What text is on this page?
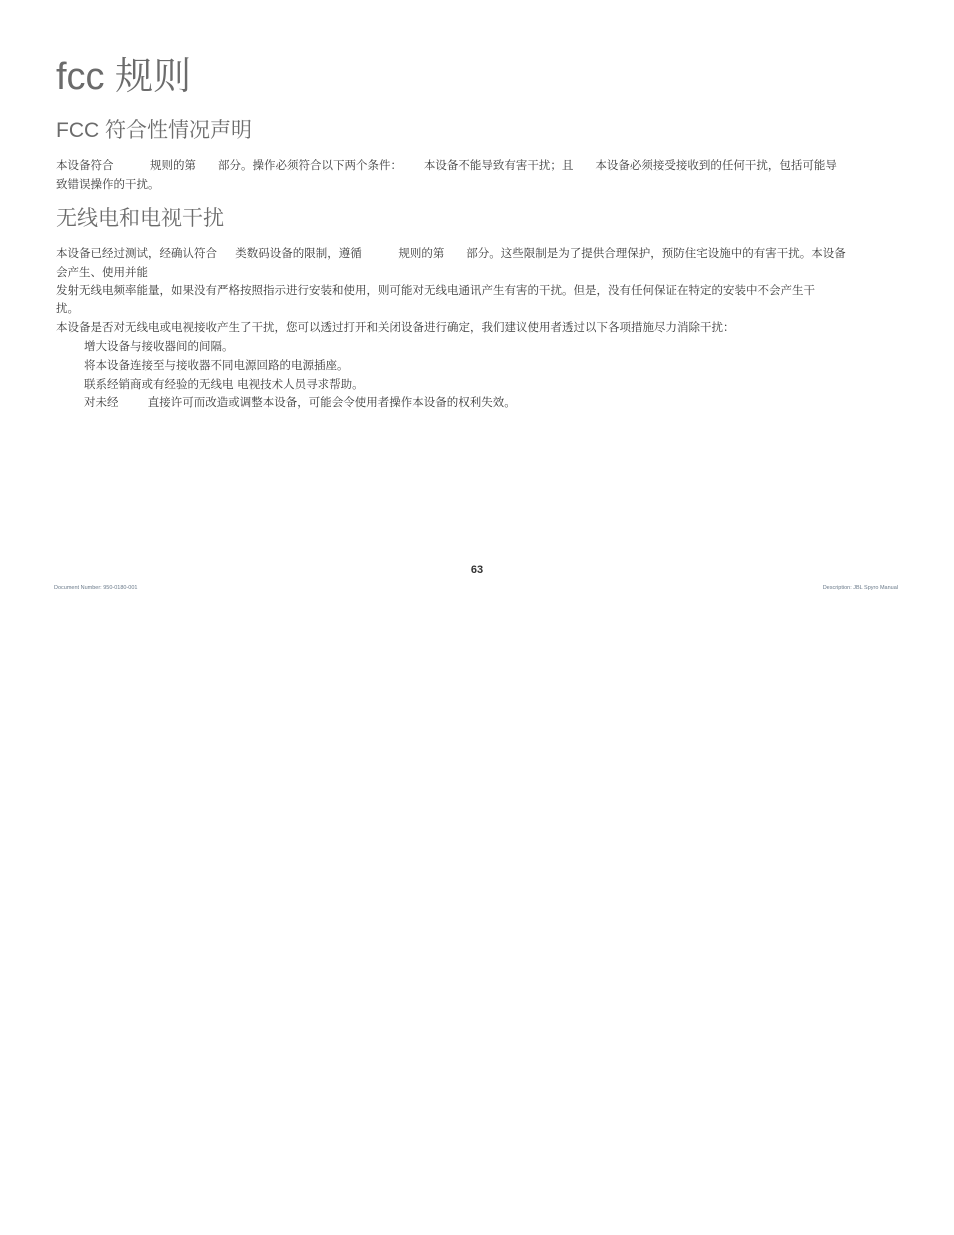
fcc 规则
FCC 符合性情况声明

本设备符合          规则的第      部分。操作必须符合以下两个条件：      本设备不能导致有害干扰；且      本设备必须接受接收到的任何干扰，包括可能导

致错误操作的干扰。

无线电和电视干扰

本设备已经过测试，经确认符合     类数码设备的限制，遵循          规则的第      部分。这些限制是为了提供合理保护，预防住宅设施中的有害干扰。本设备

会产生、使用并能

发射无线电频率能量，如果没有严格按照指示进行安装和使用，则可能对无线电通讯产生有害的干扰。但是，没有任何保证在特定的安装中不会产生干

扰。

本设备是否对无线电或电视接收产生了干扰，您可以透过打开和关闭设备进行确定，我们建议使用者透过以下各项措施尽力消除干扰：

增大设备与接收器间的间隔。

将本设备连接至与接收器不同电源回路的电源插座。

联系经销商或有经验的无线电 电视技术人员寻求帮助。

对未经        直接许可而改造或调整本设备，可能会令使用者操作本设备的权利失效。

63
Document Number: 950-0180-001	Description: JBL Spyro Manual
